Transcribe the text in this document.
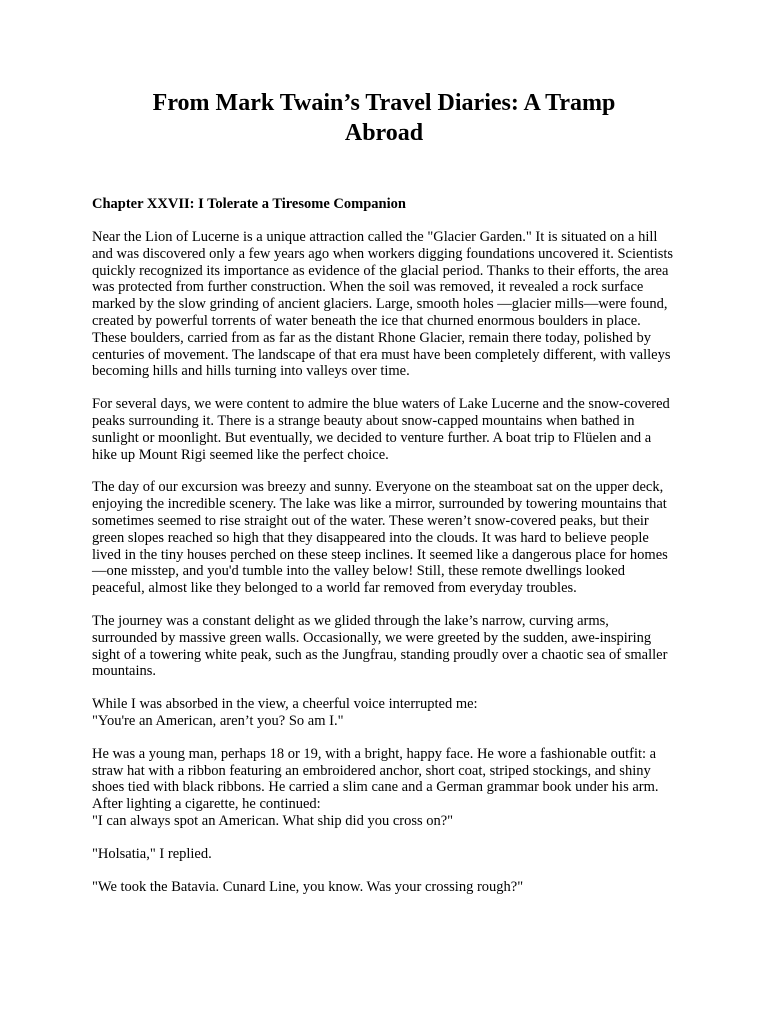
From Mark Twain’s Travel Diaries: A Tramp
Abroad
Chapter XXVII: I Tolerate a Tiresome Companion

Near the Lion of Lucerne is a unique attraction called the "Glacier Garden." It is situated on a hill and was discovered only a few years ago when workers digging foundations uncovered it. Scientists quickly recognized its importance as evidence of the glacial period. Thanks to their efforts, the area was protected from further construction. When the soil was removed, it revealed a rock surface marked by the slow grinding of ancient glaciers. Large, smooth holes —glacier mills—were found, created by powerful torrents of water beneath the ice that churned enormous boulders in place. These boulders, carried from as far as the distant Rhone Glacier, remain there today, polished by centuries of movement. The landscape of that era must have been completely different, with valleys becoming hills and hills turning into valleys over time.

For several days, we were content to admire the blue waters of Lake Lucerne and the snow-covered peaks surrounding it. There is a strange beauty about snow-capped mountains when bathed in sunlight or moonlight. But eventually, we decided to venture further. A boat trip to Flüelen and a hike up Mount Rigi seemed like the perfect choice.

The day of our excursion was breezy and sunny. Everyone on the steamboat sat on the upper deck, enjoying the incredible scenery. The lake was like a mirror, surrounded by towering mountains that sometimes seemed to rise straight out of the water. These weren’t snow-covered peaks, but their green slopes reached so high that they disappeared into the clouds. It was hard to believe people lived in the tiny houses perched on these steep inclines. It seemed like a dangerous place for homes—one misstep, and you'd tumble into the valley below! Still, these remote dwellings looked peaceful, almost like they belonged to a world far removed from everyday troubles.

The journey was a constant delight as we glided through the lake’s narrow, curving arms, surrounded by massive green walls. Occasionally, we were greeted by the sudden, awe-inspiring sight of a towering white peak, such as the Jungfrau, standing proudly over a chaotic sea of smaller mountains.

While I was absorbed in the view, a cheerful voice interrupted me:
"You're an American, aren’t you? So am I."

He was a young man, perhaps 18 or 19, with a bright, happy face. He wore a fashionable outfit: a straw hat with a ribbon featuring an embroidered anchor, short coat, striped stockings, and shiny shoes tied with black ribbons. He carried a slim cane and a German grammar book under his arm. After lighting a cigarette, he continued:
"I can always spot an American. What ship did you cross on?"

"Holsatia," I replied.

"We took the Batavia. Cunard Line, you know. Was your crossing rough?"
